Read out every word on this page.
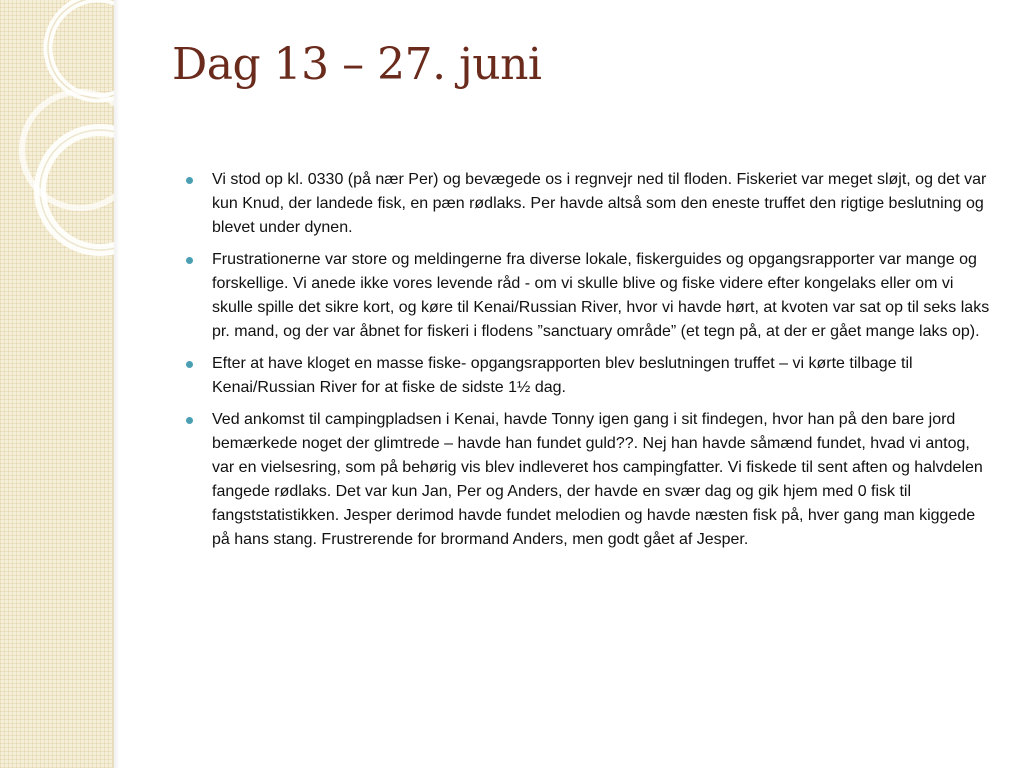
Dag 13 – 27. juni
Vi stod op kl. 0330 (på nær Per) og bevægede os i regnvejr ned til floden. Fiskeriet var meget sløjt, og det var kun Knud, der landede fisk, en pæn rødlaks. Per havde altså som den eneste truffet den rigtige beslutning og blevet under dynen.
Frustrationerne var store og meldingerne fra diverse lokale, fiskerguides og opgangsrapporter var mange og forskellige. Vi anede ikke vores levende råd - om vi skulle blive og fiske videre efter kongelaks eller om vi skulle spille det sikre kort, og køre til Kenai/Russian River, hvor vi havde hørt, at kvoten var sat op til seks laks pr. mand, og der var åbnet for fiskeri i flodens ”sanctuary område” (et tegn på, at der er gået mange laks op).
Efter at have kloget en masse fiske- opgangsrapporten blev beslutningen truffet – vi kørte tilbage til Kenai/Russian River for at fiske de sidste 1½ dag.
Ved ankomst til campingpladsen i Kenai, havde Tonny igen gang i sit findegen, hvor han på den bare jord bemærkede noget der glimtrede – havde han fundet guld??. Nej han havde såmænd fundet, hvad vi antog, var en vielsesring, som på behørig vis blev indleveret hos campingfatter. Vi fiskede til sent aften og halvdelen fangede rødlaks. Det var kun Jan, Per og Anders, der havde en svær dag og gik hjem med 0 fisk til fangststatistikken. Jesper derimod havde fundet melodien og havde næsten fisk på, hver gang man kiggede på hans stang. Frustrerende for brormand Anders, men godt gået af Jesper.
